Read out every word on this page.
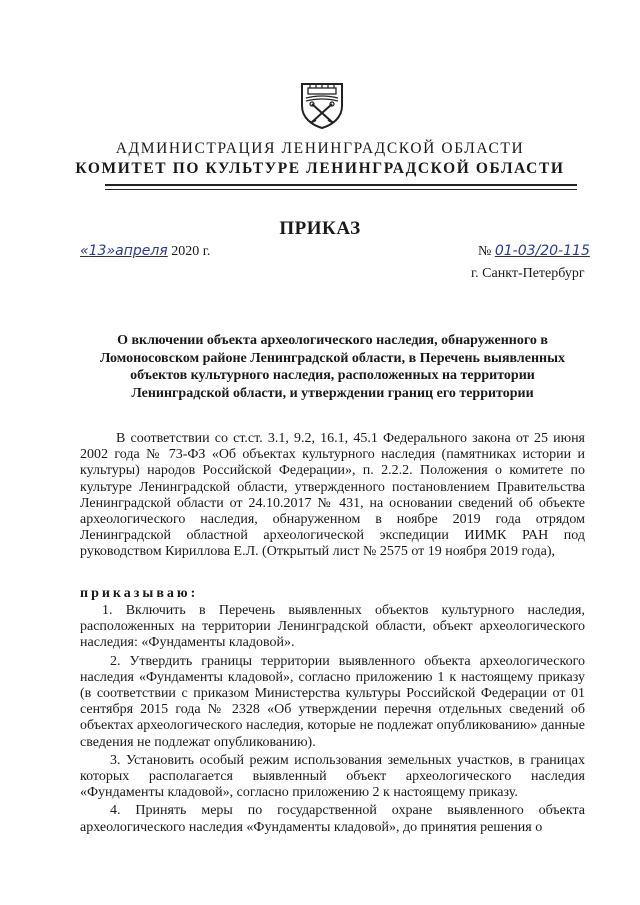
АДМИНИСТРАЦИЯ ЛЕНИНГРАДСКОЙ ОБЛАСТИ
КОМИТЕТ ПО КУЛЬТУРЕ ЛЕНИНГРАДСКОЙ ОБЛАСТИ
ПРИКАЗ
«13»апреля 2020 г.	№ 01-03/20-115
г. Санкт-Петербург
О включении объекта археологического наследия, обнаруженного в Ломоносовском районе Ленинградской области, в Перечень выявленных объектов культурного наследия, расположенных на территории Ленинградской области, и утверждении границ его территории
В соответствии со ст.ст. 3.1, 9.2, 16.1, 45.1 Федерального закона от 25 июня 2002 года № 73-ФЗ «Об объектах культурного наследия (памятниках истории и культуры) народов Российской Федерации», п. 2.2.2. Положения о комитете по культуре Ленинградской области, утвержденного постановлением Правительства Ленинградской области от 24.10.2017 № 431, на основании сведений об объекте археологического наследия, обнаруженном в ноябре 2019 года отрядом Ленинградской областной археологической экспедиции ИИМК РАН под руководством Кириллова Е.Л. (Открытый лист № 2575 от 19 ноября 2019 года),
приказываю:

1. Включить в Перечень выявленных объектов культурного наследия, расположенных на территории Ленинградской области, объект археологического наследия: «Фундаменты кладовой».

2. Утвердить границы территории выявленного объекта археологического наследия «Фундаменты кладовой», согласно приложению 1 к настоящему приказу (в соответствии с приказом Министерства культуры Российской Федерации от 01 сентября 2015 года № 2328 «Об утверждении перечня отдельных сведений об объектах археологического наследия, которые не подлежат опубликованию» данные сведения не подлежат опубликованию).

3. Установить особый режим использования земельных участков, в границах которых располагается выявленный объект археологического наследия «Фундаменты кладовой», согласно приложению 2 к настоящему приказу.

4. Принять меры по государственной охране выявленного объекта археологического наследия «Фундаменты кладовой», до принятия решения о
